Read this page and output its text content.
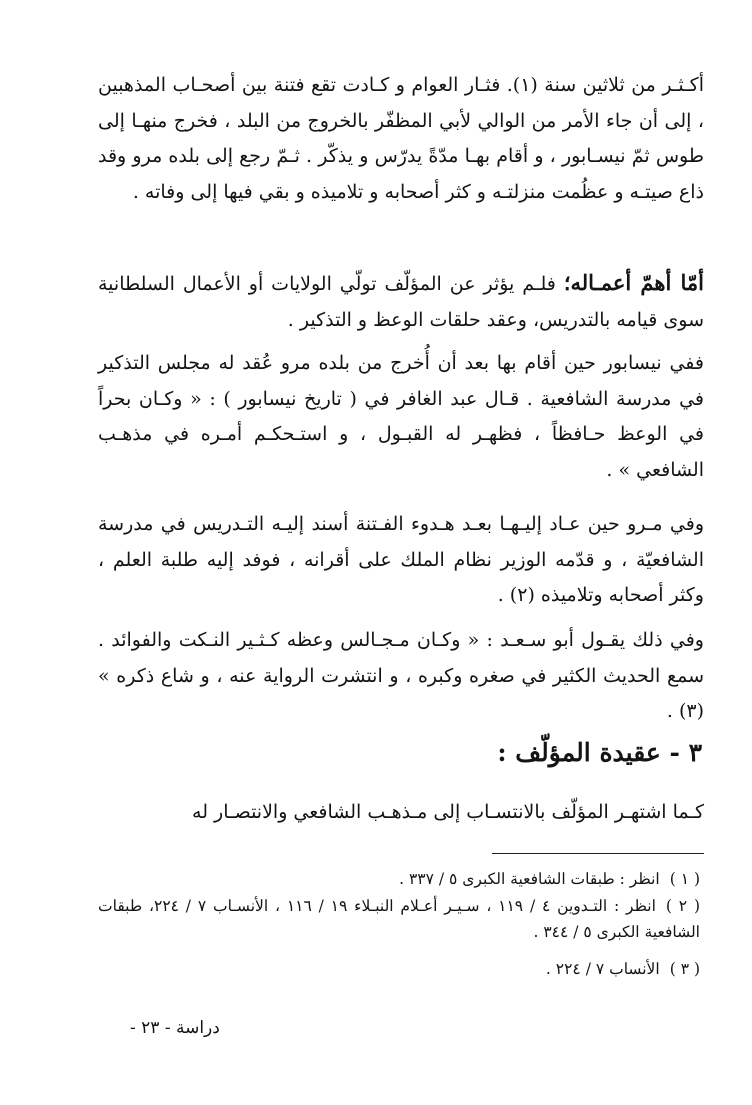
أكـثـر من ثلاثين سنة (١). فثـار العوام و كـادت تقع فتنة بين أصحـاب المذهبين ، إلى أن جاء الأمر من الوالي لأبي المظفّر بالخروج من البلد ، فخرج منهـا إلى طوس ثمّ نيسـابور ، و أقام بهـا مدّةً يدرّس و يذكّر . ثـمّ رجع إلى بلده مرو وقد ذاع صيتـه و عظُمت منزلتـه و كثر أصحابه و تلاميذه و بقي فيها إلى وفاته .

أمّا أهمّ أعمـاله؛ فلـم يؤثر عن المؤلّف تولّي الولايات أو الأعمال السلطانية سوى قيامه بالتدريس، وعقد حلقات الوعظ و التذكير .

ففي نيسابور حين أقام بها بعد أن أُخرج من بلده مرو عُقد له مجلس التذكير في مدرسة الشافعية . قـال عبد الغافر في ( تاريخ نيسابور ) : « وكـان بحراً في الوعظ حـافظاً ، فظهـر له القبـول ، و استـحكـم أمـره في مذهـب الشافعي » .

وفي مـرو حين عـاد إليـهـا بعـد هـدوء الفـتنة أسند إليـه التـدريس في مدرسة الشافعيّة ، و قدّمه الوزير نظام الملك على أقرانه ، فوفد إليه طلبة العلم ، وكثر أصحابه وتلاميذه (٢) .

وفي ذلك يقـول أبو سـعـد : « وكـان مـجـالس وعظه كـثـير النـكت والفوائد . سمع الحديث الكثير في صغره وكبره ، و انتشرت الرواية عنه ، و شاع ذكره » (٣) .

٣ - عقيدة المؤلّف :

كـما اشتهـر المؤلّف بالانتسـاب إلى مـذهـب الشافعي والانتصـار له

( ١ )انظر : طبقات الشافعية الكبرى ٥ / ٣٣٧ .

( ٢ )انظر : التـدوين ٤ / ١١٩ ، سـيـر أعـلام النبـلاء ١٩ / ١١٦ ، الأنسـاب ٧ / ٢٢٤، طبقات الشافعية الكبرى ٥ / ٣٤٤ .

( ٣ )الأنساب ٧ / ٢٢٤ .

دراسة - ٢٣ -
